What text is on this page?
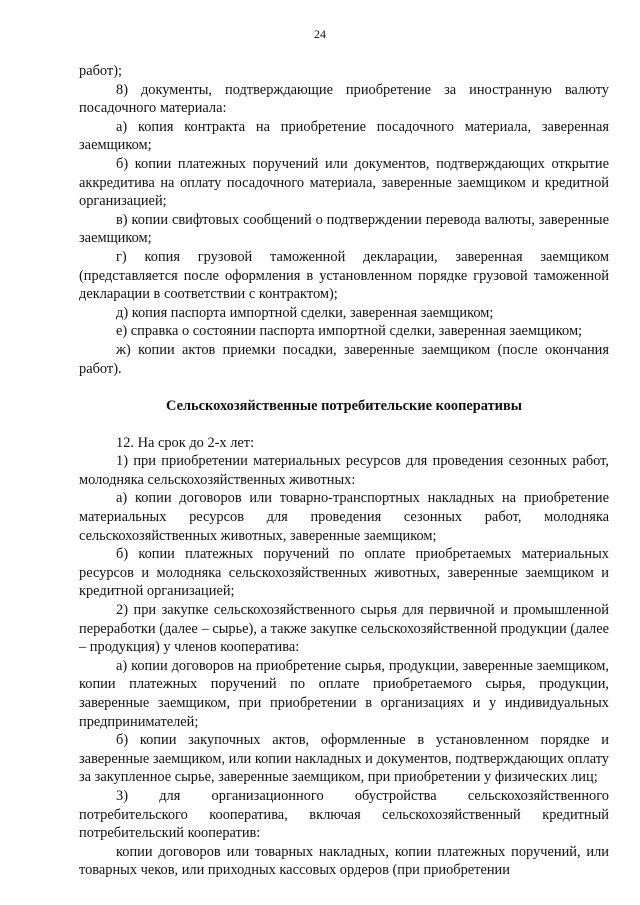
24

работ);

8) документы, подтверждающие приобретение за иностранную валюту посадочного материала:

а) копия контракта на приобретение посадочного материала, заверенная заемщиком;

б) копии платежных поручений или документов, подтверждающих открытие аккредитива на оплату посадочного материала, заверенные заемщиком и кредитной организацией;

в) копии свифтовых сообщений о подтверждении перевода валюты, заверенные заемщиком;

г) копия грузовой таможенной декларации, заверенная заемщиком (представляется после оформления в установленном порядке грузовой таможенной декларации в соответствии с контрактом);

д) копия паспорта импортной сделки, заверенная заемщиком;

е) справка о состоянии паспорта импортной сделки, заверенная заемщиком;

ж) копии актов приемки посадки, заверенные заемщиком (после окончания работ).

Сельскохозяйственные потребительские кооперативы

12. На срок до 2-х лет:

1) при приобретении материальных ресурсов для проведения сезонных работ, молодняка сельскохозяйственных животных:

а) копии договоров или товарно-транспортных накладных на приобретение материальных ресурсов для проведения сезонных работ, молодняка сельскохозяйственных животных, заверенные заемщиком;

б) копии платежных поручений по оплате приобретаемых материальных ресурсов и молодняка сельскохозяйственных животных, заверенные заемщиком и кредитной организацией;

2) при закупке сельскохозяйственного сырья для первичной и промышленной переработки (далее – сырье), а также закупке сельскохозяйственной продукции (далее – продукция) у членов кооператива:

а) копии договоров на приобретение сырья, продукции, заверенные заемщиком, копии платежных поручений по оплате приобретаемого сырья, продукции, заверенные заемщиком, при приобретении в организациях и у индивидуальных предпринимателей;

б) копии закупочных актов, оформленные в установленном порядке и заверенные заемщиком, или копии накладных и документов, подтверждающих оплату за закупленное сырье, заверенные заемщиком, при приобретении у физических лиц;

3) для организационного обустройства сельскохозяйственного потребительского кооператива, включая сельскохозяйственный кредитный потребительский кооператив:

копии договоров или товарных накладных, копии платежных поручений, или товарных чеков, или приходных кассовых ордеров (при приобретении
